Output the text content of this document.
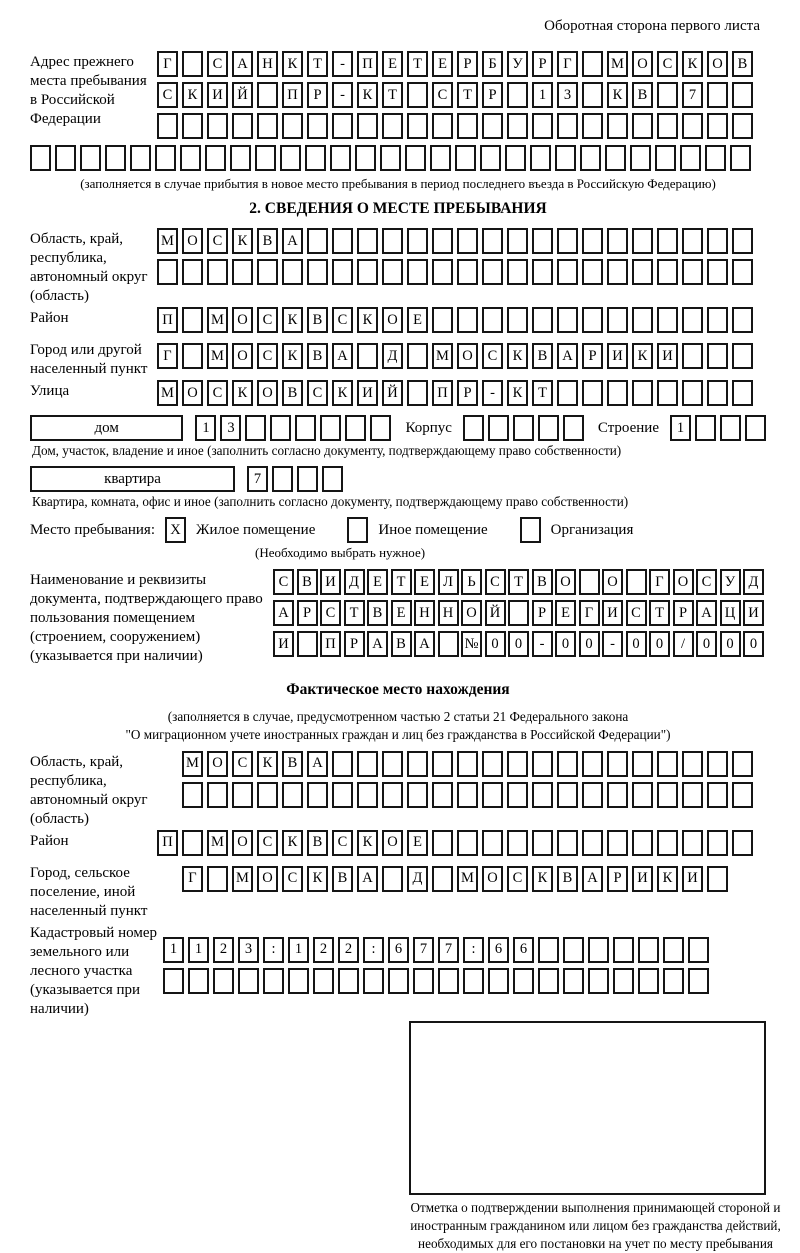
Оборотная сторона первого листа
Адрес прежнего места пребывания в Российской Федерации
Г	С	А	Н	К	Т	-	П	Е	Т	Е	Р	Б	У	Р	Г	М О	С	К	О	В
С	К	И	Й	П	Р	-	К	Т	С	Т	Р	1	3	К	В	7
(заполняется в случае прибытия в новое место пребывания в период последнего въезда в Российскую Федерацию)
2. СВЕДЕНИЯ О МЕСТЕ ПРЕБЫВАНИЯ
Область, край, республика, автономный округ (область)
М О	С	К	В	А
Район	П	М О	С	К	В	С	К	О	Е
Город или другой населенный пункт
Г	М О	С	К	В	А	Д	М О	С	К	В	А	Р	И	К	И
Улица	М О	С	К	О	В	С	К	И	Й	П	Р	-	К	Т
дом	1	3	Корпус	Строение	1
Дом, участок, владение и иное (заполнить согласно документу, подтверждающему право собственности)
квартира	7
Квартира, комната, офис и иное (заполнить согласно документу, подтверждающему право собственности)
Место пребывания:	X	Жилое помещение	Иное помещение	Организация
(Необходимо выбрать нужное)
Наименование и реквизиты документа, подтверждающего право пользования помещением (строением, сооружением) (указывается при наличии)
С В И Д Е	Т	Е Л Ь	С Т В О	О	Г О С У Д
А Р	С Т В Е Н Н О Й	Р	Е	Г И С Т	Р А Ц И
И	П Р А В А	№ 0	0	-	0	0	-	0	0	/	0	0	0
Фактическое место нахождения
(заполняется в случае, предусмотренном частью 2 статьи 21 Федерального закона
"О миграционном учете иностранных граждан и лиц без гражданства в Российской Федерации")
Область, край, республика, автономный округ (область)
М О	С	К	В	А
Район	П	М О	С	К	В	С	К	О	Е
Город, сельское поселение, иной населенный пункт
Г	М О	С	К	В	А	Д	М О	С	К	В	А	Р	И	К	И
Кадастровый номер земельного или лесного участка (указывается при наличии)
1	1	2	3	:	1	2	2	:	6	7	7	:	6	6
Отметка о подтверждении выполнения принимающей стороной и иностранным гражданином или лицом без гражданства действий, необходимых для его постановки на учет по месту пребывания
